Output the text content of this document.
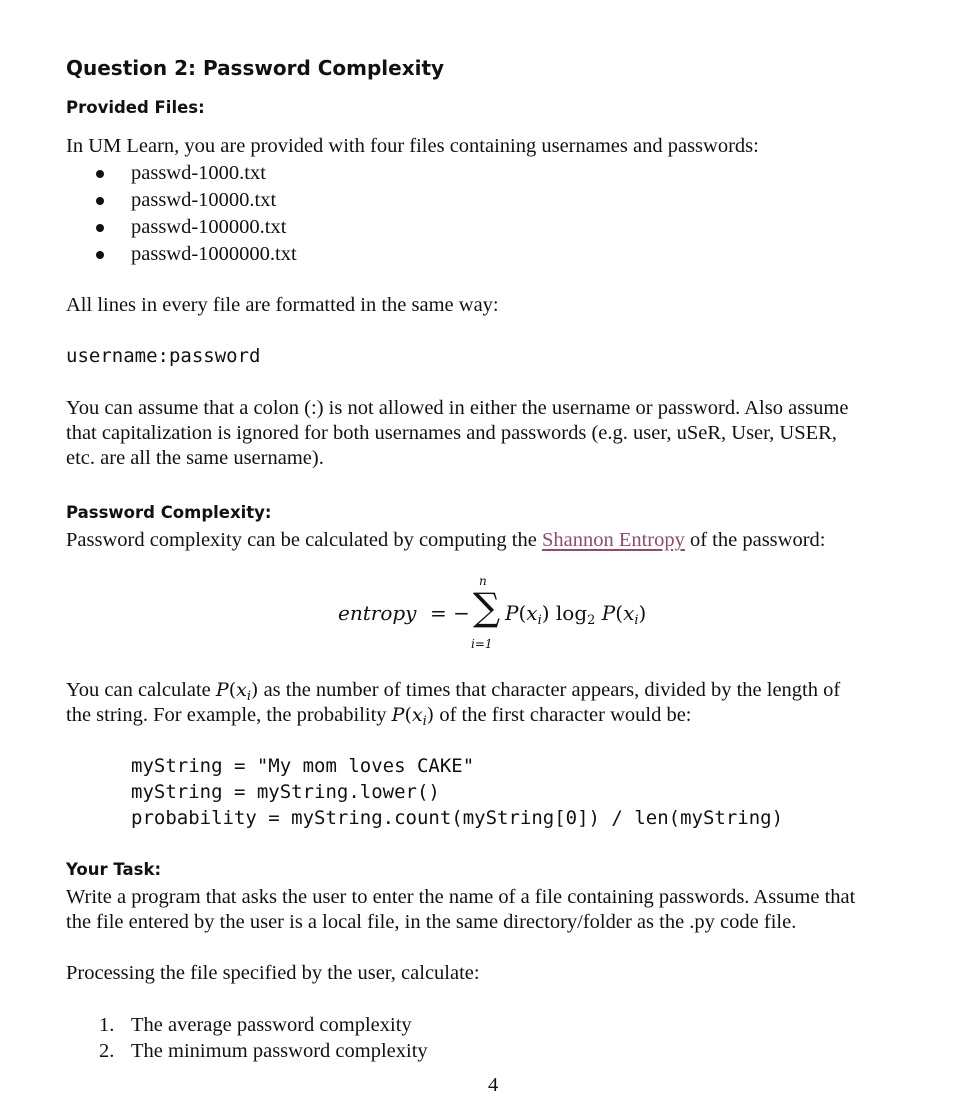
Question 2: Password Complexity
Provided Files:
In UM Learn, you are provided with four files containing usernames and passwords:
passwd-1000.txt
passwd-10000.txt
passwd-100000.txt
passwd-1000000.txt
All lines in every file are formatted in the same way:
username:password
You can assume that a colon (:) is not allowed in either the username or password. Also assume
that capitalization is ignored for both usernames and passwords (e.g. user, uSeR, User, USER,
etc. are all the same username).
Password Complexity:
Password complexity can be calculated by computing the Shannon Entropy of the password:
entropy = −
n
∑
i=1
$P(x_i)$ $\log_2 P(x_i)$
You can calculate $P(x_i)$ as the number of times that character appears, divided by the length of
the string. For example, the probability $P(x_i)$ of the first character would be:
myString = "My mom loves CAKE"
myString = myString.lower()
probability = myString.count(myString[0]) / len(myString)
Your Task:
Write a program that asks the user to enter the name of a file containing passwords. Assume that
the file entered by the user is a local file, in the same directory/folder as the .py code file.
Processing the file specified by the user, calculate:
1. The average password complexity
2. The minimum password complexity
4
